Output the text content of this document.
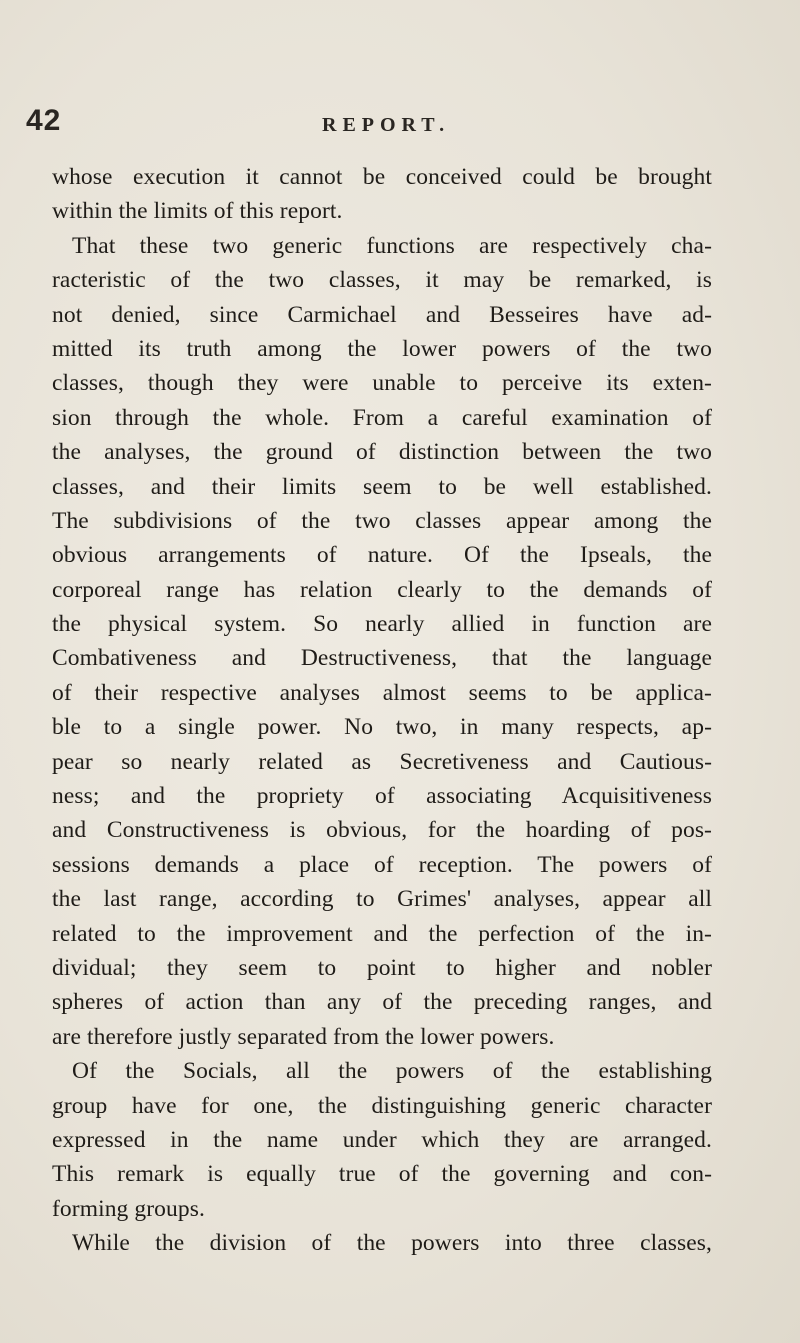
42	REPORT.
whose execution it cannot be conceived could be brought
within the limits of this report.
That these two generic functions are respectively cha-
racteristic of the two classes, it may be remarked, is
not denied, since Carmichael and Besseires have ad-
mitted its truth among the lower powers of the two
classes, though they were unable to perceive its exten-
sion through the whole. From a careful examination of
the analyses, the ground of distinction between the two
classes, and their limits seem to be well established.
The subdivisions of the two classes appear among the
obvious arrangements of nature. Of the Ipseals, the
corporeal range has relation clearly to the demands of
the physical system. So nearly allied in function are
Combativeness and Destructiveness, that the language
of their respective analyses almost seems to be applica-
ble to a single power. No two, in many respects, ap-
pear so nearly related as Secretiveness and Cautious-
ness; and the propriety of associating Acquisitiveness
and Constructiveness is obvious, for the hoarding of pos-
sessions demands a place of reception. The powers of
the last range, according to Grimes' analyses, appear all
related to the improvement and the perfection of the in-
dividual; they seem to point to higher and nobler
spheres of action than any of the preceding ranges, and
are therefore justly separated from the lower powers.
Of the Socials, all the powers of the establishing
group have for one, the distinguishing generic character
expressed in the name under which they are arranged.
This remark is equally true of the governing and con-
forming groups.
While the division of the powers into three classes,
